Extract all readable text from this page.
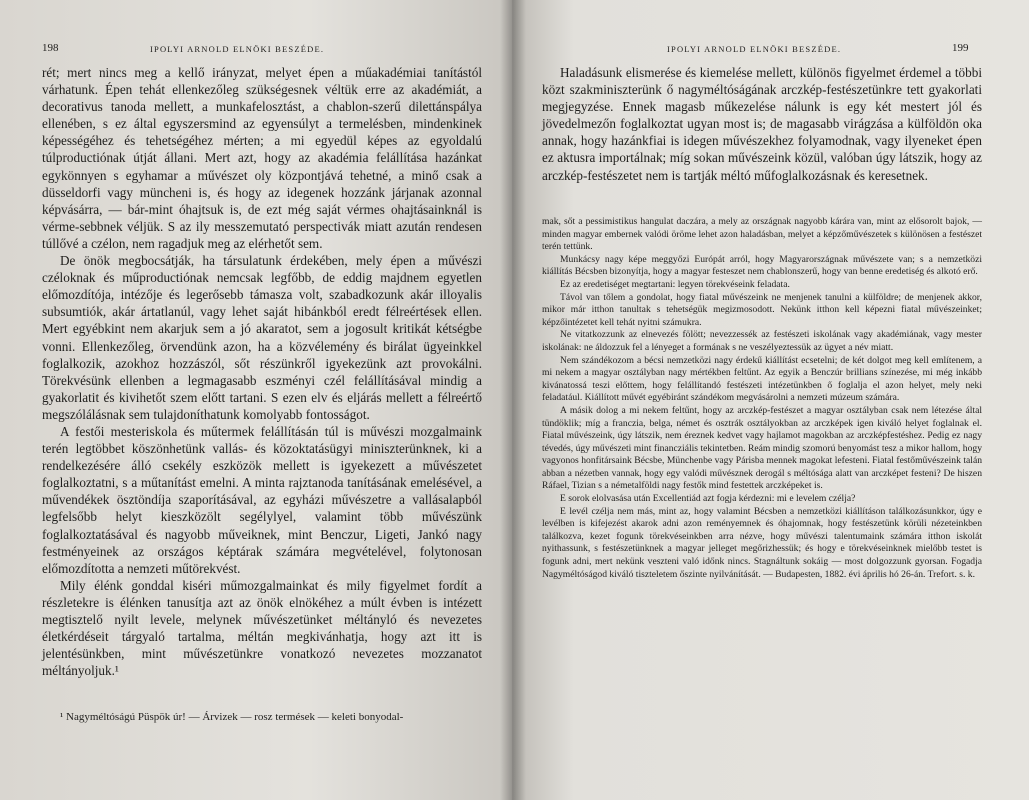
198	IPOLYI ARNOLD ELNÖKI BESZÉDE.

rét; mert nincs meg a kellő irányzat, melyet épen a műakadémiai tanítástól várhatunk. Épen tehát ellenkezőleg szükségesnek véltük erre az akadémiát, a decorativus tanoda mellett, a munkafelosztást, a chablon-szerű dilettánspálya ellenében, s ez által egyszersmind az egyensúlyt a termelésben, mindenkinek képességéhez és tehetségéhez mérten; a mi egyedül képes az egyoldalú túlproductiónak útját állani. Mert azt, hogy az akadémia felállítása hazánkat egykönnyen s egyhamar a művészet oly központjává tehetné, a minő csak a düsseldorfi vagy müncheni is, és hogy az idegenek hozzánk járjanak azonnal képvásárra, — bár-mint óhajtsuk is, de ezt még saját vérmes ohajtásainknál is vérme-sebbnek véljük. S az ily messzemutató perspectivák miatt azután rendesen túllővé a czélon, nem ragadjuk meg az elérhetőt sem.

De önök megbocsátják, ha társulatunk érdekében, mely épen a művészi czéloknak és műproductiónak nemcsak legfőbb, de eddig majdnem egyetlen előmozdítója, intézője és legerősebb támasza volt, szabadkozunk akár illoyalis subsumtiók, akár ártatlanúl, vagy lehet saját hibánkból eredt félreértések ellen. Mert egyébkint nem akarjuk sem a jó akaratot, sem a jogosult kritikát kétségbe vonni. Ellenkezőleg, örvendünk azon, ha a közvélemény és birálat ügyeinkkel foglalkozik, azokhoz hozzászól, sőt részünkről igyekezünk azt provokálni. Törekvésünk ellenben a legmagasabb eszményi czél felállításával mindig a gyakorlatit és kivihetőt szem előtt tartani. S ezen elv és eljárás mellett a félreértő megszólálásnak sem tulajdoníthatunk komolyabb fontosságot.

A festői mesteriskola és műtermek felállításán túl is művészi mozgalmaink terén legtöbbet köszönhetünk vallás- és közoktatásügyi miniszterünknek, ki a rendelkezésére álló csekély eszközök mellett is igyekezett a művészetet foglalkoztatni, s a műtanítást emelni. A minta rajztanoda tanításának emelésével, a művendékek ösztöndíja szaporításával, az egyházi művészetre a vallásalapból legfelsőbb helyt kieszközölt segélylyel, valamint több művészünk foglalkoztatásával és nagyobb műveiknek, mint Benczur, Ligeti, Jankó nagy festményeinek az országos képtárak számára megvételével, folytonosan előmozdította a nemzeti műtörekvést.

Mily élénk gonddal kiséri műmozgalmainkat és mily figyelmet fordít a részletekre is élénken tanusítja azt az önök elnökéhez a múlt évben is intézett megtisztelő nyilt levele, melynek művészetünket méltányló és nevezetes életkérdéseit tárgyaló tartalma, méltán megkivánhatja, hogy azt itt is jelentésünkben, mint művészetünkre vonatkozó nevezetes mozzanatot méltányoljuk.¹

¹ Nagyméltóságú Püspök úr! — Árvizek — rosz termések — keleti bonyodal-
IPOLYI ARNOLD ELNÖKI BESZÉDE.	199

Haladásunk elismerése és kiemelése mellett, különös figyelmet érdemel a többi közt szakminiszterünk ő nagyméltóságának arczkép-festészetünkre tett gyakorlati megjegyzése. Ennek magasb műkezelése nálunk is egy két mestert jól és jövedelmezőn foglalkoztat ugyan most is; de magasabb virágzása a külföldön oka annak, hogy hazánkfiai is idegen művészekhez folyamodnak, vagy ilyeneket épen ez aktusra importálnak; míg sokan művészeink közül, valóban úgy látszik, hogy az arczkép-festészetet nem is tartják méltó műfoglalkozásnak és keresetnek.

mak, sőt a pessimistikus hangulat daczára, a mely az országnak nagyobb kárára van, mint az elősorolt bajok, — minden magyar embernek valódi öröme lehet azon haladásban, melyet a képzőművészetek s különösen a festészet terén tettünk.

Munkácsy nagy képe meggyőzi Európát arról, hogy Magyarországnak művészete van; s a nemzetközi kiállítás Bécsben bizonyítja, hogy a magyar festeszet nem chablonszerű, hogy van benne eredetiség és alkotó erő.

Ez az eredetiséget megtartani: legyen törekvéseink feladata.

Távol van tőlem a gondolat, hogy fiatal művészeink ne menjenek tanulni a külföldre; de menjenek akkor, mikor már itthon tanultak s tehetségük megizmosodott. Nekünk itthon kell képezni fiatal művészeinket; képzőintézetet kell tehát nyitni számukra.

Ne vitatkozzunk az elnevezés fölött; nevezzessék az festészeti iskolának vagy akadémiának, vagy mester iskolának: ne áldozzuk fel a lényeget a formának s ne veszélyeztessük az ügyet a név miatt.

Nem szándékozom a bécsi nemzetközi nagy érdekű kiállítást ecsetelni; de két dolgot meg kell említenem, a mi nekem a magyar osztályban nagy mértékben feltűnt. Az egyik a Benczúr brillians színezése, mi még inkább kivánatossá teszi előttem, hogy felállítandó festészeti intézetünkben ő foglalja el azon helyet, mely neki feladatául. Kiállított művét egyébiránt szándékom megvásárolni a nemzeti múzeum számára.

A másik dolog a mi nekem feltűnt, hogy az arczkép-festészet a magyar osztályban csak nem létezése által tündöklik; míg a franczia, belga, német és osztrák osztályokban az arczképek igen kiváló helyet foglalnak el. Fiatal művészeink, úgy látszik, nem éreznek kedvet vagy hajlamot magokban az arczképfestéshez. Pedig ez nagy tévedés, úgy művészeti mint financziális tekintetben. Reám mindig szomorú benyomást tesz a mikor hallom, hogy vagyonos honfitársaink Bécsbe, Münchenbe vagy Párisba mennek magokat lefesteni. Fiatal festőművészeink talán abban a nézetben vannak, hogy egy valódi művésznek derogál s méltósága alatt van arczképet festeni? De hiszen Ráfael, Tizian s a németalföldi nagy festők mind festettek arczképeket is.

E sorok elolvasása után Excellentiád azt fogja kérdezni: mi e levelem czélja?

E levél czélja nem más, mint az, hogy valamint Bécsben a nemzetközi kiállításon találkozásunkkor, úgy e levélben is kifejezést akarok adni azon reményemnek és óhajomnak, hogy festészetünk körüli nézeteinkben találkozva, kezet fogunk törekvéseinkben arra nézve, hogy művészi talentumaink számára itthon iskolát nyithassunk, s festészetünknek a magyar jelleget megőrizhessük; és hogy e törekvéseinknek mielőbb testet is fogunk adni, mert nekünk veszteni való időnk nincs. Stagnáltunk sokáig — most dolgozzunk gyorsan. Fogadja Nagyméltóságod kiváló tiszteletem őszinte nyilvánítását. — Budapesten, 1882. évi április hó 26-án. Trefort. s. k.
